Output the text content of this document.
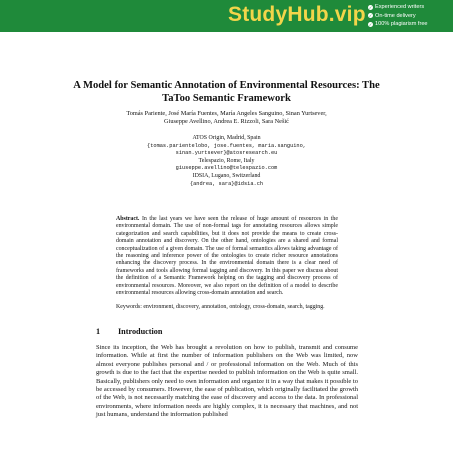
StudyHub.vip ✓ Experienced writers
✓ On-time delivery
✓ 100% plagiarism free
A Model for Semantic Annotation of Environmental Resources: The TaToo Semantic Framework
Tomás Pariente, José María Fuentes, María Angeles Sanguino, Sinan Yurtsever,
Giuseppe Avellino, Andrea E. Rizzoli, Sara Nešić
ATOS Origin, Madrid, Spain
{tomas.parientelobo, jose.fuentes, maria.sanguino,
sinan.yurtsever}@atosresearch.eu
Telespazio, Rome, Italy
giuseppe.avellino@telespazio.com
IDSIA, Lugano, Switzerland
{andrea, sara}@idsia.ch
Abstract. In the last years we have seen the release of huge amount of resources in the environmental domain. The use of non-formal tags for annotating resources allows simple categorization and search capabilities, but it does not provide the means to create cross-domain annotation and discovery. On the other hand, ontologies are a shared and formal conceptualization of a given domain. The use of formal semantics allows taking advantage of the reasoning and inference power of the ontologies to create richer resource annotations enhancing the discovery process. In the environmental domain there is a clear need of frameworks and tools allowing formal tagging and discovery. In this paper we discuss about the definition of a Semantic Framework helping on the tagging and discovery process of environmental resources. Moreover, we also report on the definition of a model to describe environmental resources allowing cross-domain annotation and search.
Keywords: environment, discovery, annotation, ontology, cross-domain, search, tagging.
1 Introduction
Since its inception, the Web has brought a revolution on how to publish, transmit and consume information. While at first the number of information publishers on the Web was limited, now almost everyone publishes personal and / or professional information on the Web. Much of this growth is due to the fact that the expertise needed to publish information on the Web is quite small. Basically, publishers only need to own information and organize it in a way that makes it possible to be accessed by consumers. However, the ease of publication, which originally facilitated the growth of the Web, is not necessarily matching the ease of discovery and access to the data. In professional environments, where information needs are highly complex, it is necessary that machines, and not just humans, understand the information published
